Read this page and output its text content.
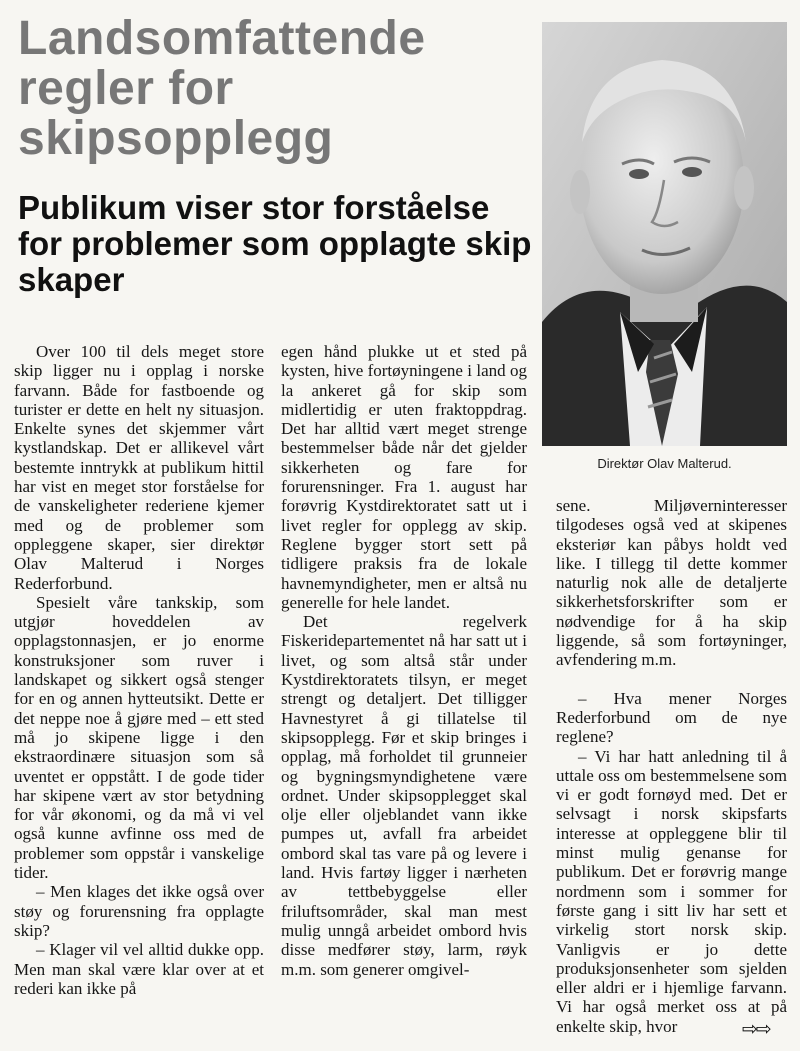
Landsomfattende
regler for
skipsopplegg
Publikum viser stor forståelse for problemer som opplagte skip skaper
Direktør Olav Malterud.

Over 100 til dels meget store skip ligger nu i opplag i norske farvann. Både for fastboende og turister er dette en helt ny situasjon. Enkelte synes det skjemmer vårt kystlandskap. Det er allikevel vårt bestemte inntrykk at publikum hittil har vist en meget stor forståelse for de vanskeligheter rederiene kjemer med og de problemer som oppleggene skaper, sier direktør Olav Malterud i Norges Rederforbund.

Spesielt våre tankskip, som utgjør hoveddelen av opplagstonnasjen, er jo enorme konstruksjoner som ruver i landskapet og sikkert også stenger for en og annen hytteutsikt. Dette er det neppe noe å gjøre med – ett sted må jo skipene ligge i den ekstraordinære situasjon som så uventet er oppstått. I de gode tider har skipene vært av stor betydning for vår økonomi, og da må vi vel også kunne avfinne oss med de problemer som oppstår i vanskelige tider.

– Men klages det ikke også over støy og forurensning fra opplagte skip?

– Klager vil vel alltid dukke opp. Men man skal være klar over at et rederi kan ikke på

egen hånd plukke ut et sted på kysten, hive fortøyningene i land og la ankeret gå for skip som midlertidig er uten fraktoppdrag. Det har alltid vært meget strenge bestemmelser både når det gjelder sikkerheten og fare for forurensninger. Fra 1. august har forøvrig Kystdirektoratet satt ut i livet regler for opplegg av skip. Reglene bygger stort sett på tidligere praksis fra de lokale havnemyndigheter, men er altså nu generelle for hele landet.

Det regelverk Fiskeridepartementet nå har satt ut i livet, og som altså står under Kystdirektoratets tilsyn, er meget strengt og detaljert. Det tilligger Havnestyret å gi tillatelse til skipsopplegg. Før et skip bringes i opplag, må forholdet til grunneier og bygningsmyndighetene være ordnet. Under skipsopplegget skal olje eller oljeblandet vann ikke pumpes ut, avfall fra arbeidet ombord skal tas vare på og levere i land. Hvis fartøy ligger i nærheten av tettbebyggelse eller friluftsområder, skal man mest mulig unngå arbeidet ombord hvis disse medfører støy, larm, røyk m.m. som generer omgivel-

sene. Miljøverninteresser tilgodeses også ved at skipenes eksteriør kan påbys holdt ved like. I tillegg til dette kommer naturlig nok alle de detaljerte sikkerhetsforskrifter som er nødvendige for å ha skip liggende, så som fortøyninger, avfendering m.m.

– Hva mener Norges Rederforbund om de nye reglene?

– Vi har hatt anledning til å uttale oss om bestemmelsene som vi er godt fornøyd med. Det er selvsagt i norsk skipsfarts interesse at oppleggene blir til minst mulig genanse for publikum. Det er forøvrig mange nordmenn som i sommer for første gang i sitt liv har sett et virkelig stort norsk skip. Vanligvis er jo dette produksjonsenheter som sjelden eller aldri er i hjemlige farvann. Vi har også merket oss at på enkelte skip, hvor	⇨⇨
